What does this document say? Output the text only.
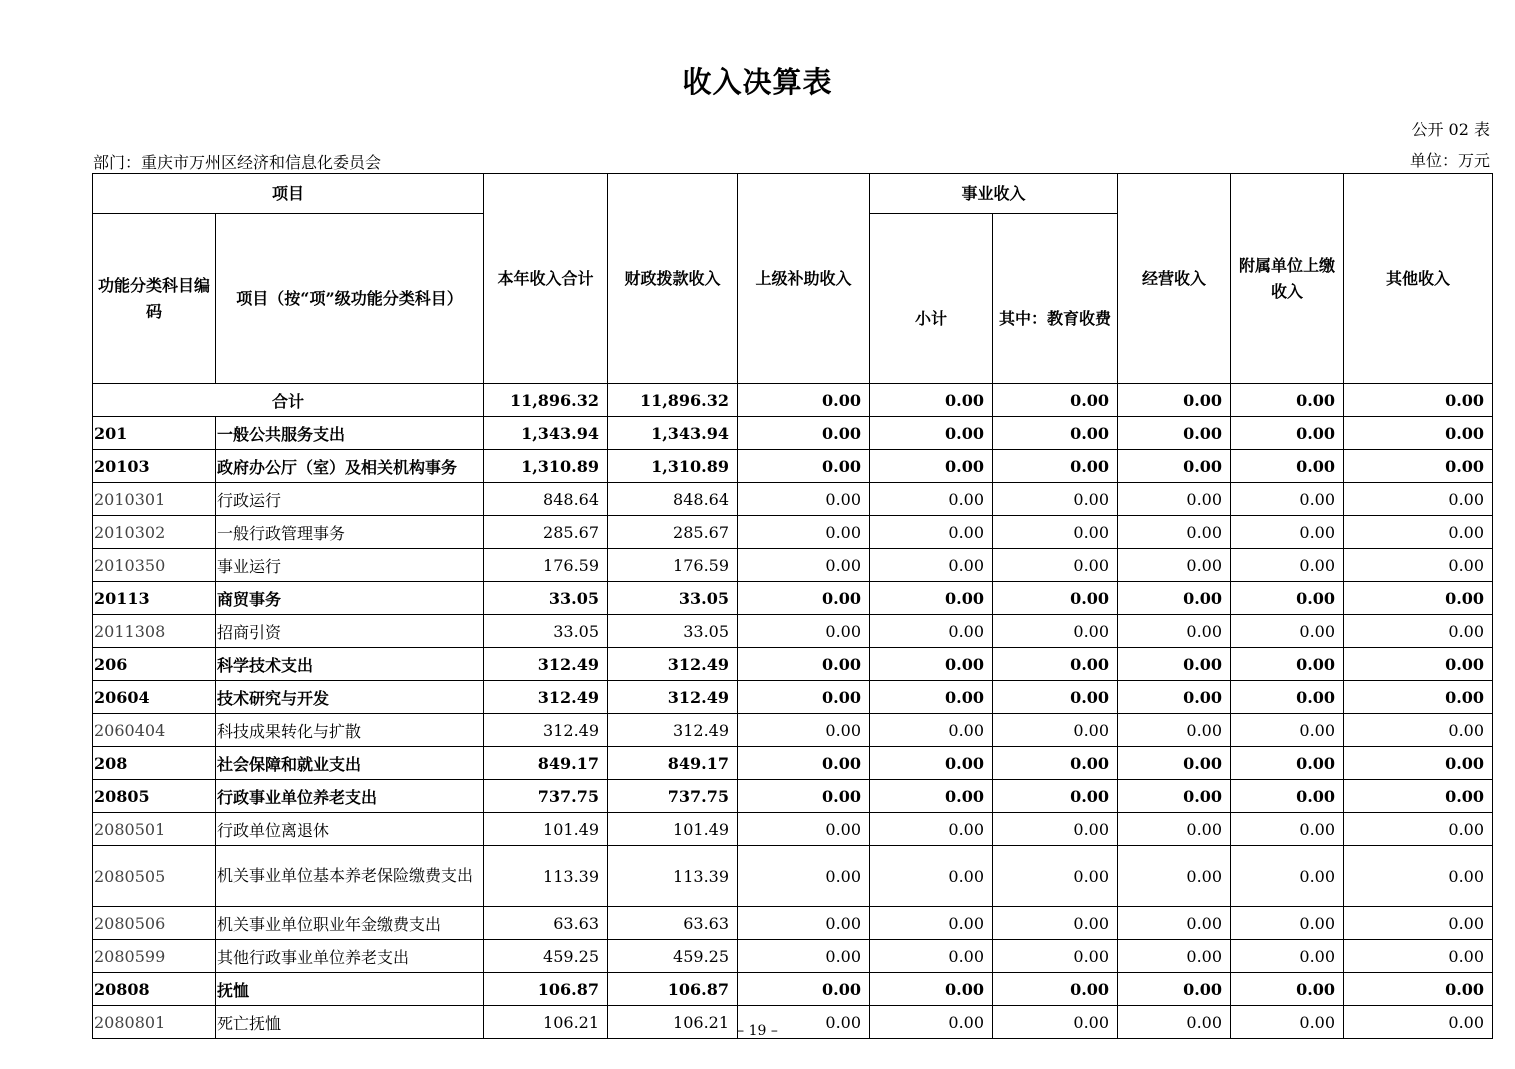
收入决算表
公开 02 表
部门：重庆市万州区经济和信息化委员会	单位：万元
项目		本年收入合计	财政拨款收入	上级补助收入	事业收入		经营收入	附属单位上缴收入	其他收入
功能分类科目编码	项目（按“项”级功能分类科目）				小计	其中：教育收费			
合计		11,896.32	11,896.32	0.00	0.00	0.00	0.00	0.00	0.00
201	一般公共服务支出	1,343.94	1,343.94	0.00	0.00	0.00	0.00	0.00	0.00
20103	政府办公厅（室）及相关机构事务	1,310.89	1,310.89	0.00	0.00	0.00	0.00	0.00	0.00
2010301	行政运行	848.64	848.64	0.00	0.00	0.00	0.00	0.00	0.00
2010302	一般行政管理事务	285.67	285.67	0.00	0.00	0.00	0.00	0.00	0.00
2010350	事业运行	176.59	176.59	0.00	0.00	0.00	0.00	0.00	0.00
20113	商贸事务	33.05	33.05	0.00	0.00	0.00	0.00	0.00	0.00
2011308	招商引资	33.05	33.05	0.00	0.00	0.00	0.00	0.00	0.00
206	科学技术支出	312.49	312.49	0.00	0.00	0.00	0.00	0.00	0.00
20604	技术研究与开发	312.49	312.49	0.00	0.00	0.00	0.00	0.00	0.00
2060404	科技成果转化与扩散	312.49	312.49	0.00	0.00	0.00	0.00	0.00	0.00
208	社会保障和就业支出	849.17	849.17	0.00	0.00	0.00	0.00	0.00	0.00
20805	行政事业单位养老支出	737.75	737.75	0.00	0.00	0.00	0.00	0.00	0.00
2080501	行政单位离退休	101.49	101.49	0.00	0.00	0.00	0.00	0.00	0.00
2080505	机关事业单位基本养老保险缴费支出	113.39	113.39	0.00	0.00	0.00	0.00	0.00	0.00
2080506	机关事业单位职业年金缴费支出	63.63	63.63	0.00	0.00	0.00	0.00	0.00	0.00
2080599	其他行政事业单位养老支出	459.25	459.25	0.00	0.00	0.00	0.00	0.00	0.00
20808	抚恤	106.87	106.87	0.00	0.00	0.00	0.00	0.00	0.00
2080801	死亡抚恤	106.21	106.21	0.00	0.00	0.00	0.00	0.00	0.00
– 19 –
